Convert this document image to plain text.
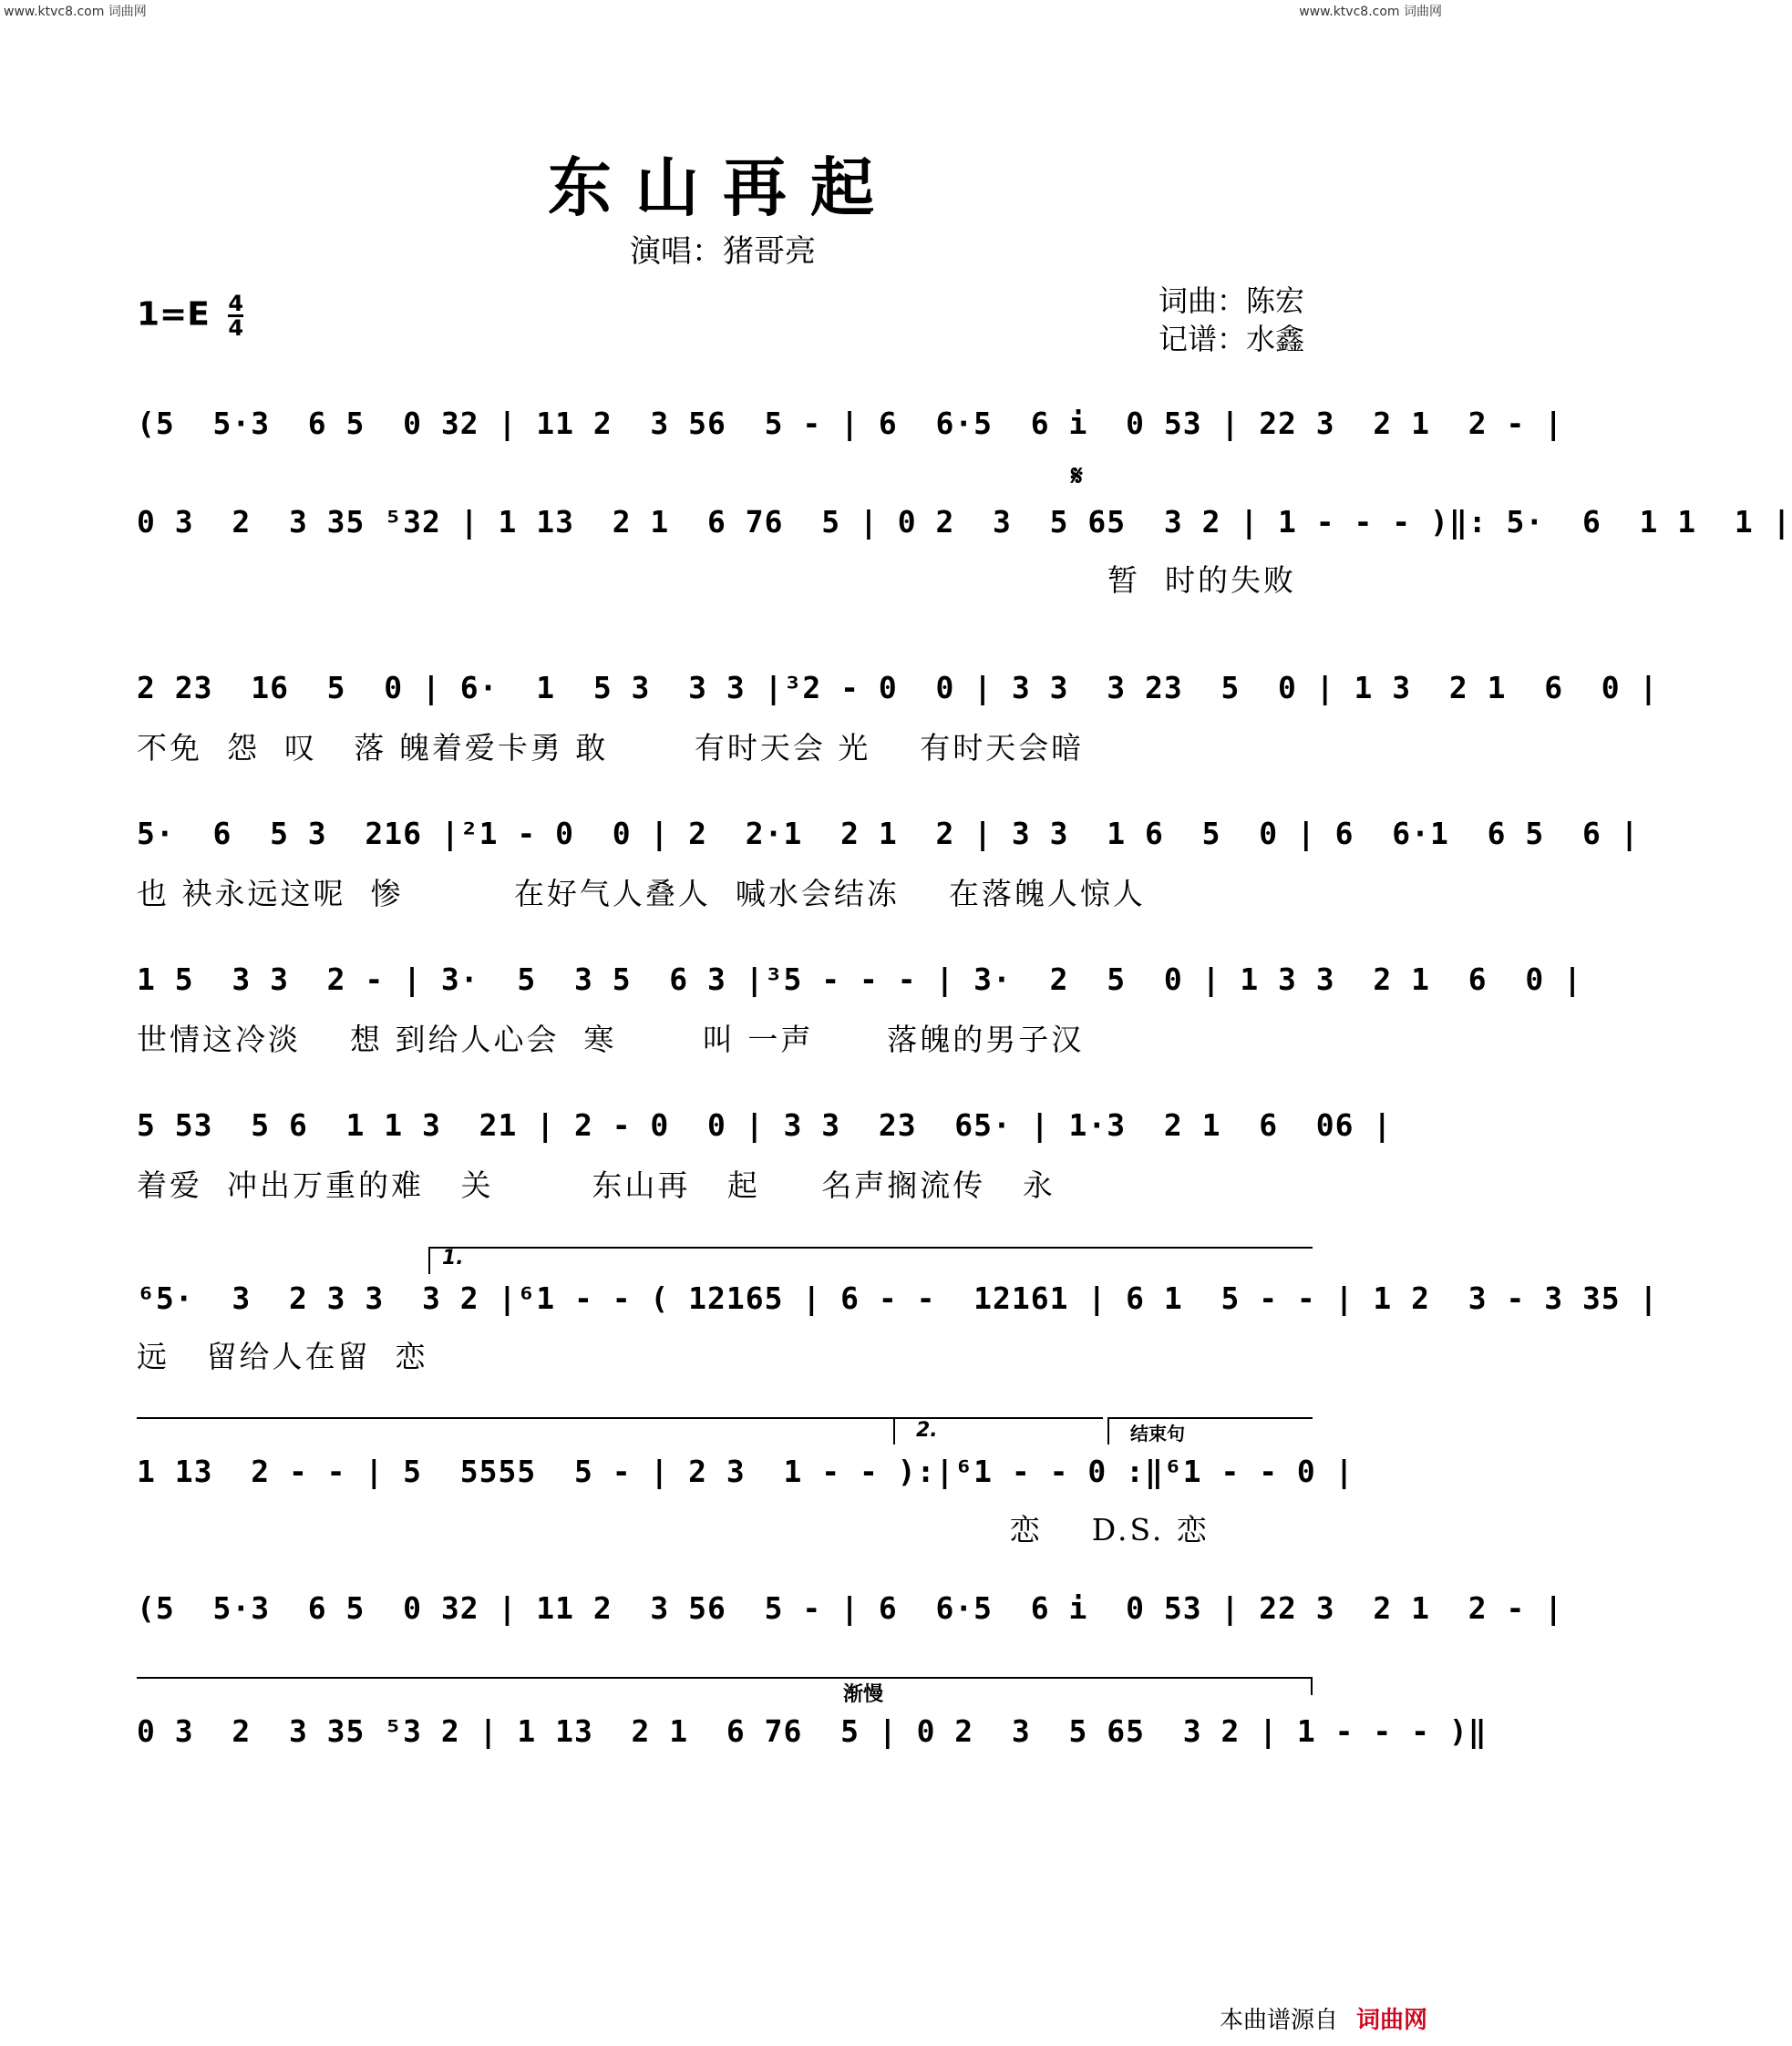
www.ktvc8.com 词曲网	www.ktvc8.com 词曲网
东山再起
演唱：猪哥亮
词曲：陈宏
记谱：水鑫
$1=E \frac{4}{4}$
(5  5·3  6 5  0 32 | 11 2  3 56  5 - | 6  6·5  6 i  0 53 | 22 3  2 1  2 - |
𝄋
0 3  2  3 35 ⁵32 | 1 13  2 1  6 76  5 | 0 2  3  5 65  3 2 | 1 - - - )‖: 5·  6  1 1  1 |
暂  时的失败
2 23  16  5  0 | 6·  1  5 3  3 3 |³2 - 0  0 | 3 3  3 23  5  0 | 1 3  2 1  6  0 |
不免  怨  叹   落 魄着爱卡勇 敢       有时天会 光    有时天会暗
5·  6  5 3  216 |²1 - 0  0 | 2  2·1  2 1  2 | 3 3  1 6  5  0 | 6  6·1  6 5  6 |
也 袂永远这呢  惨         在好气人叠人  喊水会结冻    在落魄人惊人
1 5  3 3  2 - | 3·  5  3 5  6 3 |³5 - - - | 3·  2  5  0 | 1 3 3  2 1  6  0 |
世情这冷淡    想 到给人心会  寒       叫 一声      落魄的男子汉
5 53  5 6  1 1 3  21 | 2 - 0  0 | 3 3  23  65· | 1·3  2 1  6  06 |
着爱  冲出万重的难   关        东山再   起     名声搁流传   永
1.
⁶5·  3  2 3 3  3 2 |⁶1 - - ( 12165 | 6 - -  12161 | 6 1  5 - - | 1 2  3 - 3 35 |
远   留给人在留  恋
2.	结束句
1 13  2 - - | 5  5555  5 - | 2 3  1 - - ):|⁶1 - - 0 :‖⁶1 - - 0 |
恋    D.S. 恋
(5  5·3  6 5  0 32 | 11 2  3 56  5 - | 6  6·5  6 i  0 53 | 22 3  2 1  2 - |
渐慢
0 3  2  3 35 ⁵3 2 | 1 13  2 1  6 76  5 | 0 2  3  5 65  3 2 | 1 - - - )‖
本曲谱源自 词曲网
